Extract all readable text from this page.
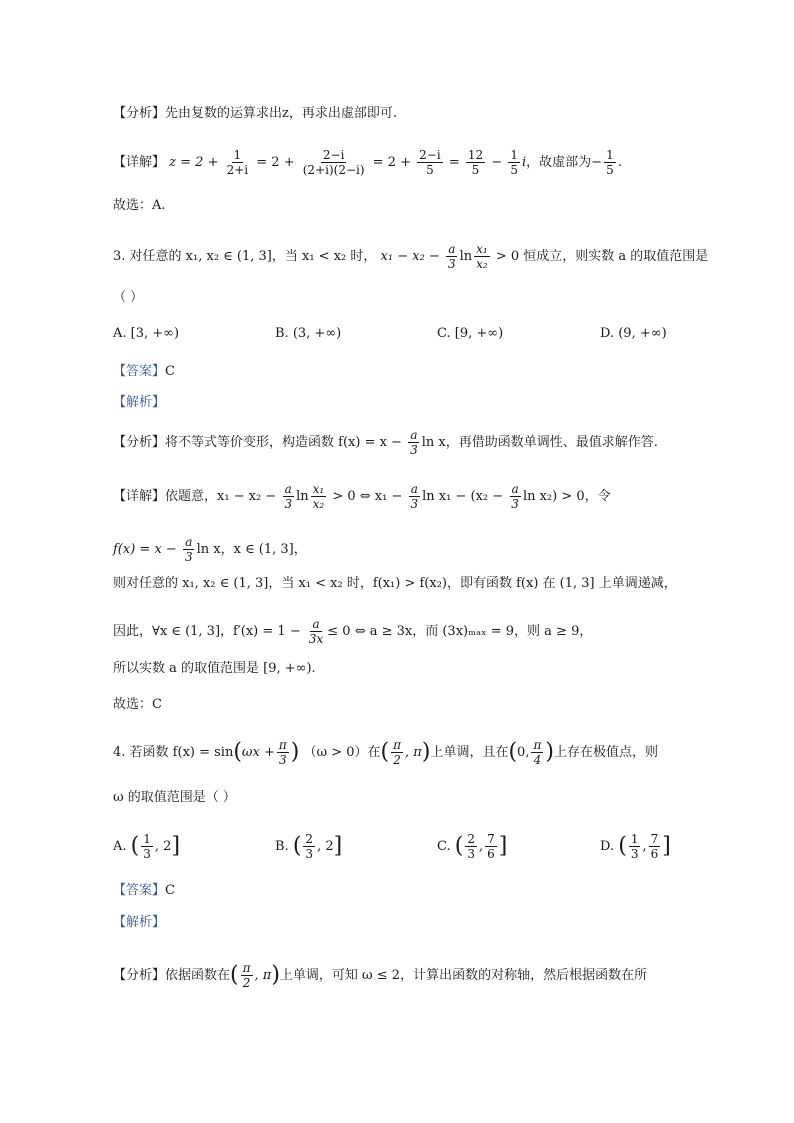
【分析】先由复数的运算求出z，再求出虚部即可.
【详解】 $z = 2 + \frac{1}{2+i} = 2 + \frac{2-i}{(2+i)(2-i)} = 2 + \frac{2-i}{5} = \frac{12}{5} - \frac{1}{5}$ i，故虚部为− $\frac{1}{5}$ .
故选：A.
3. 对任意的 x₁, x₂ ∈ (1, 3]，当 x₁ < x₂ 时， $x_1 - x_2 - \frac{a}{3}$ $\ln \frac{\text{x₁}}{\text{x₂}} > 0$ 恒成立，则实数 a 的取值范围是
（ ）
A. [3, +∞)	B. (3, +∞)	C. [9, +∞)	D. (9, +∞)
【答案】C
【解析】
【分析】将不等式等价变形，构造函数 $f(x) = x - \frac{a}{3}$ ln x，再借助函数单调性、最值求解作答.
【详解】依题意，$x_1 - x_2 - \frac{a}{3}$ $\ln \frac{\text{x₁}}{\text{x₂}} > 0$ ⇔ $x_1 - \frac{a}{3}$ $\ln x_1 - (x_2 - \frac{a}{3}$ ln x₂) > 0，令
$f(x) = x - \frac{a}{3}$ ln x，x ∈ (1, 3]，
则对任意的 x₁, x₂ ∈ (1, 3]，当 x₁ < x₂ 时，f(x₁) > f(x₂)，即有函数 f(x) 在 (1, 3] 上单调递减，
因此，∀x ∈ (1, 3]，$f'(x) = 1 - \frac{a}{3x} \le 0$ ⇔ a ≥ 3x，而 (3x)ₘₐₓ = 9，则 a ≥ 9，
所以实数 a 的取值范围是 [9, +∞).
故选：C
4. 若函数 $f(x) = \sin(\omega x + \frac{\pi}{3}$ ) （ω > 0）在( $\frac{\pi}{2}$ , π)上单调，且在(0, $\frac{\pi}{4}$ )上存在极值点，则
ω 的取值范围是（ ）
A. ( $\frac{1}{3}$ , 2]	B. ( $\frac{2}{3}$ , 2]	C. ( $\frac{2}{3}$ , $\frac{7}{6}$ ]	D. ( $\frac{1}{3}$ , $\frac{7}{6}$ ]
【答案】C
【解析】
【分析】依据函数在( $\frac{\pi}{2}$ , π)上单调，可知 ω ≤ 2，计算出函数的对称轴，然后根据函数在所
